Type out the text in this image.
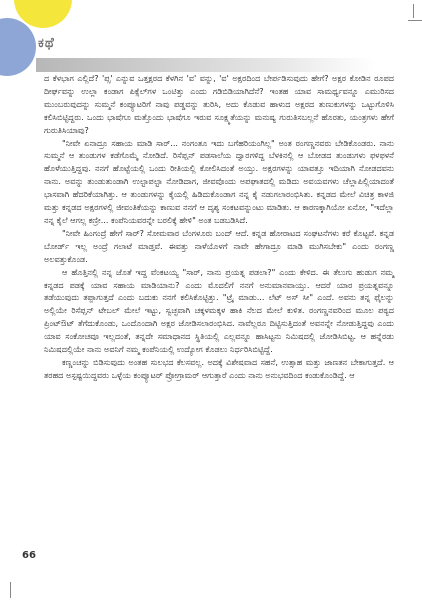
ಕಥೆ

ದ ಕೆಳಭಾಗ ಎಲ್ಲಿದೆ? 'ಪ್ಸ' ಎನ್ನುವ ಒತ್ತಕ್ಷರದ ಕೆಳಗಿನ 'ವ' ವನ್ನು, 'ವ' ಅಕ್ಷರದಿಂದ ಬೇರ್ಪಡಿಸುವುದು ಹೇಗೆ? ಅಕ್ಷರ ಕೋಡಿನ ರೂಪದ ದೀರ್ಘವನ್ನು ಉಲ್ಲಾ ಕಂಡಾಗ ಪಿಕ್ಸೆಲ್‌ಗಳ ಒಂಟಿತ್ತು ಎಂದು ಗಡಿಬಿಡಿಯಾಗಿದೆನೆ? ಇಂತಹ ಯಾವ ಸಾಮರ್ಥ್ಯವನ್ನೂ ಎಮುರಿಸದ ಮುಂಬರುವುದನ್ನು ಸುಮ್ಮನೆ ಕಂಪ್ಯೂಟರಿಗೆ ನಾವು ಪಡ್ಡವನ್ನು ತುರಿಸಿ, ಅದು ಕೊಡುವ ಹಾಳುದ ಅಕ್ಷರದ ತುಣುಕುಗಳನ್ನು ಒಟ್ಟುಗೊಳಿಸಿ ಕಲಿಸಿಬಿಟ್ಟಿದ್ದರು. ಒಂದು ಭಾಷೆಗೂ ಮತ್ತೊಂದು ಭಾಷೆಗೂ ಇರುವ ಸೂಕ್ಷ್ಮತೆಯನ್ನು ಮನುಷ್ಯ ಗುರುತಿಸಬಲ್ಲನೆ ಹೊರತು, ಯಂತ್ರಗಳು ಹೇಗೆ ಗುರುತಿಸಿಯಾವು?

"ನೀವೇ ಏನಾದ್ರೂ ಸಹಾಯ ಮಾಡಿ ಸಾರ್... ನಂಗಂತೂ ಇದು ಬಗೆಹರಿಯಂಗಿಲ್ಲ" ಅಂತ ರಂಗಣ್ಣನವರು ಬೇಡಿಕೊಂಡರು. ನಾನು ಸುಮ್ಮನೆ ಆ ತುಂಡುಗಳ ಕಡೆಗೊಮ್ಮೆ ನೋಡಿದೆ. ರಿಸೆಪ್ಷನ್ ಪಡಸಾಲೆಯ ದ್ವಾರಗಳಿದ್ದ ಬೆಳಕಿನಲ್ಲಿ ಆ ಬೋಡದ ತುಂಡುಗಳು ಫಳಫಳನೆ ಹೊಳೆಯುತ್ತಿದ್ದವು. ನನಗೆ ಹೊಟ್ಟೆಯಲ್ಲಿ ಒಂದು ರೀತಿಯಲ್ಲಿ ಕೋಲಿಸಿದಂತೆ ಅಯ್ತು. ಅಕ್ಷರಗಳನ್ನು ಯಾವತ್ತೂ ಇದಿಯಾಗಿ ನೋಡದವನು ನಾನು. ಅವನ್ನು ತುಂಡುತುಂಡಾಗಿ ಉಲ್ಟಾಪಲ್ಟಾ ನೋಡಿದಾಗ, ಜೀವವೊಂದು ಅಪಘಾತದಲ್ಲಿ ಮಡಿದು ಅವಯವಗಳು ಚೆಲ್ಲಾಪಿಲ್ಲಿಯಾದಂತೆ ಭಾಸವಾಗಿ ಹೆದರಿಕೆಯಾಗಿತ್ತು. ಆ ತುಂಡುಗಳನ್ನು ಕೈಯಲ್ಲಿ ಹಿಡಿದುಕೊಂಡಾಗ ನನ್ನ ಕೈ ನಡುಗಲಾರಂಭಿಸಿತು. ಕನ್ನಡದ ಮೇಲೆ ವಿಚಿತ್ರ ಕಾಳಜಿ ಮತ್ತು ಕನ್ನಡದ ಅಕ್ಷರಗಳಲ್ಲಿ ಜೀವಂತಿಕೆಯನ್ನು ಕಾಣುವ ನನಗೆ ಆ ದೃಶ್ಯ ಸಂಕಟವನ್ನುಂಟು ಮಾಡಿತು. ಆ ಕಾರಣಕ್ಕಾಗಿಯೋ ಏನೋ, "ಇದೆಲ್ಲಾ ನನ್ನ ಕೈಲೆ ಆಗಲ್ಲ ಕಣ್ರೀ... ಕಂಪೆನಿಯವರನ್ನೇ ಬರಲಿಕ್ಕೆ ಹೇಳಿ" ಅಂತ ಬಡಬಡಿಸಿದೆ.

"ನೀವೇ ಹಿಂಗಂದ್ರೆ ಹೇಗೆ ಸಾರ್? ಸೋಮವಾರ ಬೆಂಗಳೂರು ಬಂದ್ ಆದೆ. ಕನ್ನಡ ಹೋರಾಟದ ಸಂಘಟನೆಗಳು ಕರೆ ಕೊಟ್ಟವೆ. ಕನ್ನಡ ಬೋರ್ಡ್ ಇಲ್ಲ ಅಂದ್ರೆ ಗಲಾಟೆ ಮಾಡ್ತವೆ. ಈವತ್ತು ನಾಳೆಯೊಳಗೆ ನಾವೇ ಹೇಗಾದ್ರೂ ಮಾಡಿ ಮುಗಿಸಬೇಕು" ಎಂದು ರಂಗಣ್ಣ ಅಲವತ್ತುಕೊಂಡ.

ಆ ಹೊತ್ತಿನಲ್ಲಿ ನನ್ನ ಜೊತೆ ಇದ್ದ ವೆಂಕಟಯ್ಯ "ಸಾರ್, ನಾನು ಪ್ರಯತ್ನ ಪಡಲಾ?" ಎಂದು ಕೇಳಿದ. ಈ ತೆಲುಗು ಹುಡುಗ ನಮ್ಮ ಕನ್ನಡದ ಪಡಕ್ಕೆ ಯಾವ ಸಹಾಯ ಮಾಡಿಯಾನು? ಎಂದು ಮೊದಲಿಗೆ ನನಗೆ ಅನುಮಾನವಾಯ್ತು. ಆದರೆ ಯಾರ ಪ್ರಯತ್ನವನ್ನೂ ತಡೆಯುವುದು ತಪ್ಪಾಗುತ್ತದೆ ಎಂದು ಬದುಕು ನನಗೆ ಕಲಿಸಿಕೊಟ್ಟಿತ್ತು. "ಟ್ರೈ ಮಾಡು... ಲೆಟ್ ಅಸ್ ಸೀ" ಎಂದೆ. ಅವನು ತನ್ನ ಫೈಲನ್ನು ಅಲ್ಲಿಯೇ ರಿಸೆಪ್ಷನ್ ಟೇಬಲ್ ಮೇಲೆ ಇಟ್ಟು, ಸ್ವಚ್ಛವಾಗಿ ಚಕ್ಕಳಮಕ್ಕಳ ಹಾಕಿ ನೆಲದ ಮೇಲೆ ಕುಳಿತ. ರಂಗಣ್ಣನವರಿಂದ ಮೂಲ ಪಠ್ಯದ ಪ್ರಿಂಟ್‌ಔಟ್ ತೆಗೆದುಕೊಂಡು, ಒಂದೊಂದಾಗಿ ಅಕ್ಷರ ಜೋಡಿಸಲಾರಂಭಿಸಿದ. ನಾವೆಲ್ಲರೂ ದಿಟ್ಟಿಸುತ್ತಿದಂತೆ ಅವನನ್ನೇ ನೋಡುತ್ತಿದ್ದವು ಎಂದು ಯಾವ ಸಂಕೋಚವೂ ಇಲ್ಲದಂತೆ, ತನ್ನದೇ ಸಮಾಧಾನದ ಸ್ಥಿತಿಯಲ್ಲಿ ಎಲ್ಲವನ್ನೂ ಹಾಸಿಟ್ಟನು ನಿಮಿಷದಲ್ಲಿ ಜೋಡಿಸಿಬಿಟ್ಟ. ಆ ಹನ್ನೆರಡು ನಿಮಿಷದಲ್ಲಿಯೇ ನಾನು ಅವನಿಗೆ ನಮ್ಮ ಕಂಪೆನಿಯಲ್ಲಿ ಉದ್ಯೋಗ ಕೊಡಲು ನಿರ್ಧರಿಸಿಬಿಟ್ಟಿದ್ದೆ.

ಕಣ್ಣಂಚನ್ನು ಬಿಡಿಸುವುದು ಅಂತಹ ಸುಲಭದ ಕೆಲಸವಲ್ಲ. ಅದಕ್ಕೆ ವಿಶೇಷವಾದ ಸಹನೆ, ಉತ್ಸಾಹ ಮತ್ತು ಜಾಣತನ ಬೇಕಾಗುತ್ತದೆ. ಆ ತರಹದ ಅಸ್ಪಷ್ಟಯಿದ್ದವರು ಒಳ್ಳೆಯ ಕಂಪ್ಯೂಟರ್ ಪ್ರೋಗ್ರಾಮರ್ ಆಗುತ್ತಾರೆ ಎಂದು ನಾನು ಅನುಭವದಿಂದ ಕಂಡುಕೊಂಡಿದ್ದೆ. ಆ

66
